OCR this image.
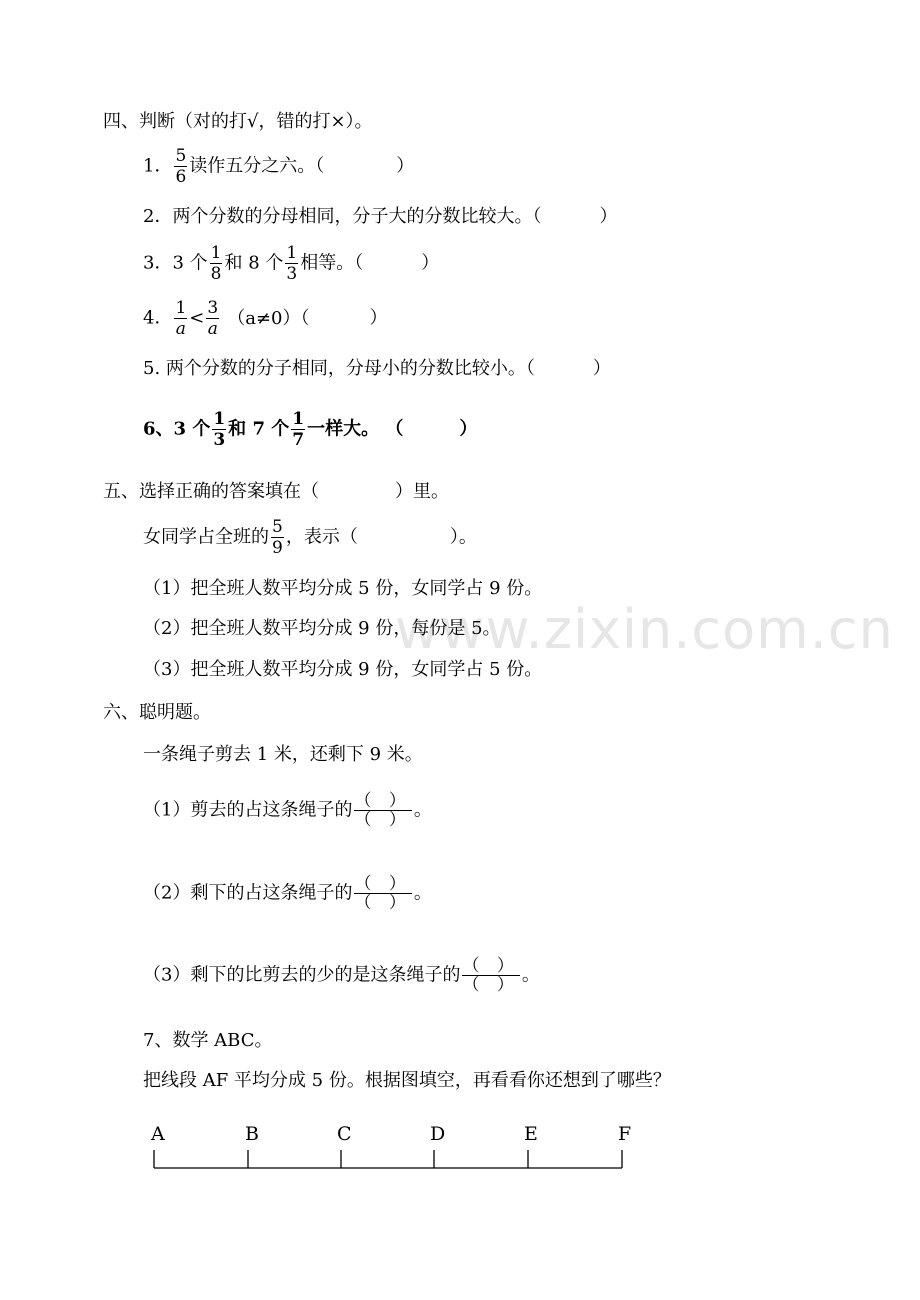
www.zixin.com.cn
四、判断（对的打√，错的打×）。
1． $\frac{5}{6}$ 读作五分之六。（	）
2．两个分数的分母相同，分子大的分数比较大。（	）
3．3 个 $\frac{1}{8}$ 和 8 个 $\frac{1}{3}$ 相等。（	）
4． $\frac{1}{a} < \frac{3}{a} (a\ne 0)$（	）
5. 两个分数的分子相同，分母小的分数比较小。（	）
6、3 个 $\frac{1}{3}$ 和 7 个 $\frac{1}{7}$ 一样大。 （	）
五、选择正确的答案填在（	）里。
女同学占全班的 $\frac{5}{9}$ ，表示（	）。
（1）把全班人数平均分成 5 份，女同学占 9 份。
（2）把全班人数平均分成 9 份，每份是 5。
（3）把全班人数平均分成 9 份，女同学占 5 份。
六、聪明题。
一条绳子剪去 1 米，还剩下 9 米。
（1）剪去的占这条绳子的 （ ）
（ ） 。
（2）剩下的占这条绳子的 （ ）
（ ） 。
（3）剩下的比剪去的少的是这条绳子的 （ ）
（ ） 。
7、数学 ABC。
把线段 AF 平均分成 5 份。根据图填空，再看看你还想到了哪些？
A	B	C	D	E	F
